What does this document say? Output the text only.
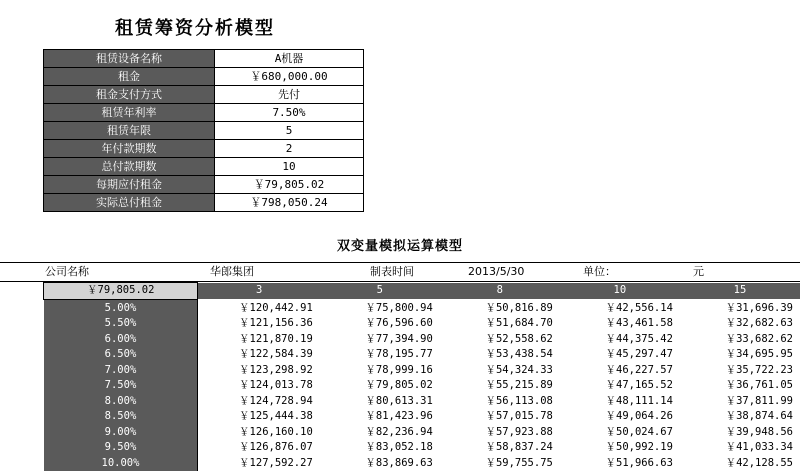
租赁筹资分析模型
租赁设备名称	A机器
租金	￥680,000.00
租金支付方式	先付
租赁年利率	7.50%
租赁年限	5
年付款期数	2
总付款期数	10
每期应付租金	￥79,805.02
实际总付租金	￥798,050.24
双变量模拟运算模型
公司名称	华郎集团	制表时间	2013/5/30	单位：	元
￥79,805.02	3	5	8	10	15
5.00%	￥120,442.91	￥75,800.94	￥50,816.89	￥42,556.14	￥31,696.39
5.50%	￥121,156.36	￥76,596.60	￥51,684.70	￥43,461.58	￥32,682.63
6.00%	￥121,870.19	￥77,394.90	￥52,558.62	￥44,375.42	￥33,682.62
6.50%	￥122,584.39	￥78,195.77	￥53,438.54	￥45,297.47	￥34,695.95
7.00%	￥123,298.92	￥78,999.16	￥54,324.33	￥46,227.57	￥35,722.23
7.50%	￥124,013.78	￥79,805.02	￥55,215.89	￥47,165.52	￥36,761.05
8.00%	￥124,728.94	￥80,613.31	￥56,113.08	￥48,111.14	￥37,811.99
8.50%	￥125,444.38	￥81,423.96	￥57,015.78	￥49,064.26	￥38,874.64
9.00%	￥126,160.10	￥82,236.94	￥57,923.88	￥50,024.67	￥39,948.56
9.50%	￥126,876.07	￥83,052.18	￥58,837.24	￥50,992.19	￥41,033.34
10.00%	￥127,592.27	￥83,869.63	￥59,755.75	￥51,966.63	￥42,128.55
